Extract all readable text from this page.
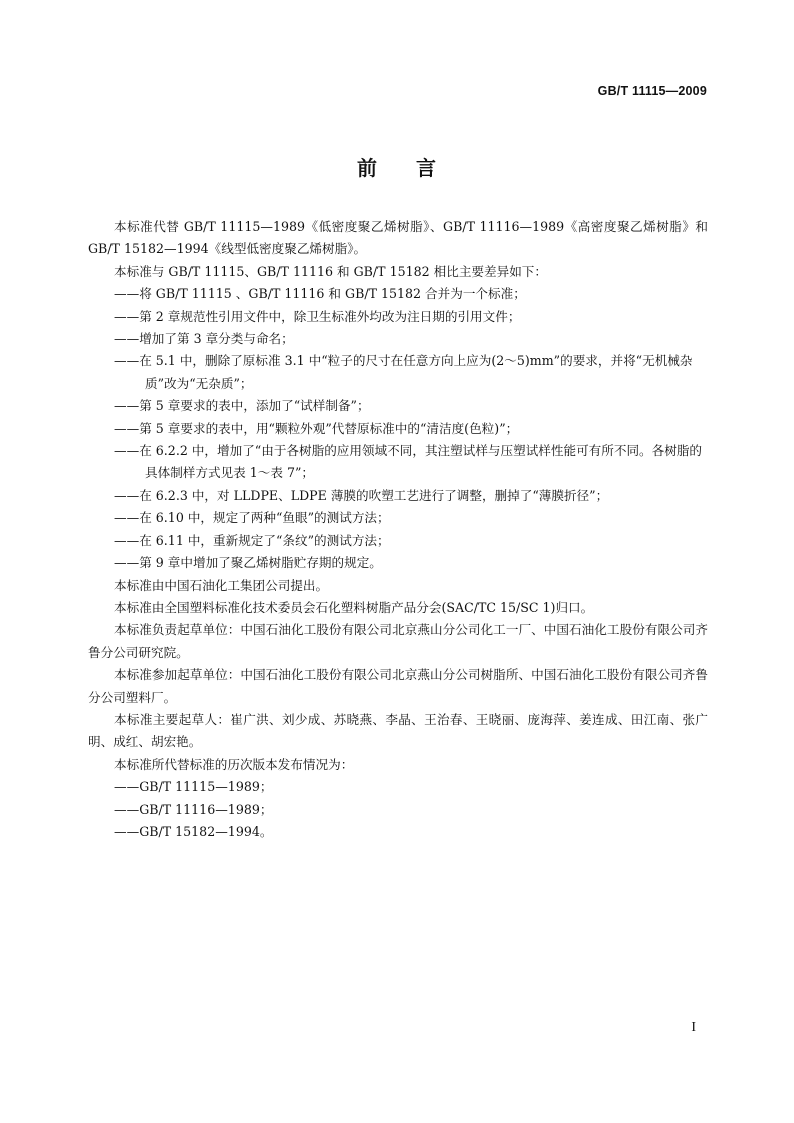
GB/T 11115—2009
前 言

本标准代替 GB/T 11115—1989《低密度聚乙烯树脂》、GB/T 11116—1989《高密度聚乙烯树脂》和 GB/T 15182—1994《线型低密度聚乙烯树脂》。

本标准与 GB/T 11115、GB/T 11116 和 GB/T 15182 相比主要差异如下：

——将 GB/T 11115 、GB/T 11116 和 GB/T 15182 合并为一个标准；

——第 2 章规范性引用文件中，除卫生标准外均改为注日期的引用文件；

——增加了第 3 章分类与命名；

——在 5.1 中，删除了原标准 3.1 中“粒子的尺寸在任意方向上应为(2～5)mm”的要求，并将“无机械杂质”改为“无杂质”；

——第 5 章要求的表中，添加了“试样制备”；

——第 5 章要求的表中，用“颗粒外观”代替原标准中的“清洁度(色粒)”；

——在 6.2.2 中，增加了“由于各树脂的应用领域不同，其注塑试样与压塑试样性能可有所不同。各树脂的具体制样方式见表 1～表 7”；

——在 6.2.3 中，对 LLDPE、LDPE 薄膜的吹塑工艺进行了调整，删掉了“薄膜折径”；

——在 6.10 中，规定了两种“鱼眼”的测试方法；

——在 6.11 中，重新规定了“条纹”的测试方法；

——第 9 章中增加了聚乙烯树脂贮存期的规定。

本标准由中国石油化工集团公司提出。

本标准由全国塑料标准化技术委员会石化塑料树脂产品分会(SAC/TC 15/SC 1)归口。

本标准负责起草单位：中国石油化工股份有限公司北京燕山分公司化工一厂、中国石油化工股份有限公司齐鲁分公司研究院。

本标准参加起草单位：中国石油化工股份有限公司北京燕山分公司树脂所、中国石油化工股份有限公司齐鲁分公司塑料厂。

本标准主要起草人：崔广洪、刘少成、苏晓燕、李晶、王治春、王晓丽、庞海萍、姜连成、田江南、张广明、成红、胡宏艳。

本标准所代替标准的历次版本发布情况为：

——GB/T 11115—1989；

——GB/T 11116—1989；

——GB/T 15182—1994。

I
